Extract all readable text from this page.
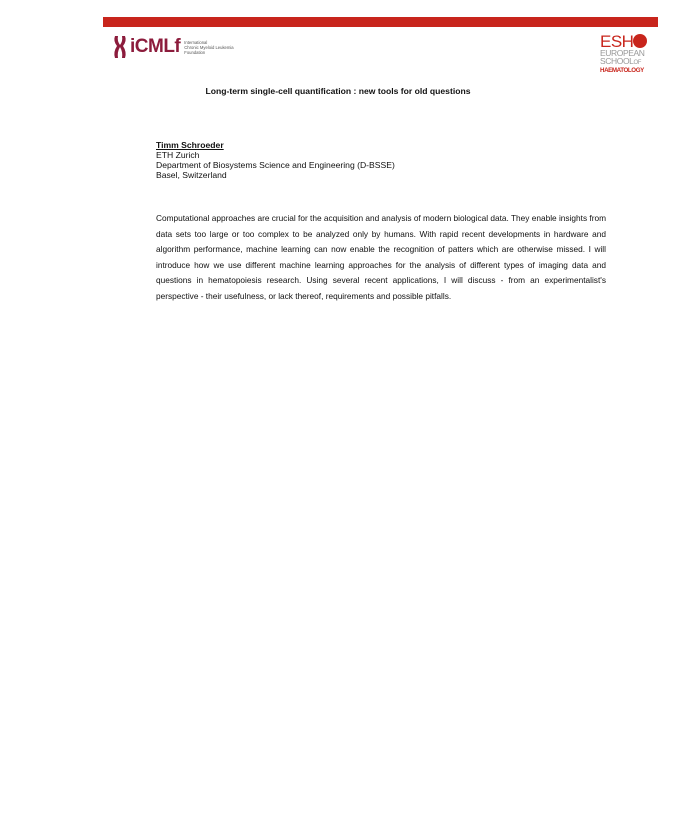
iCMLf International
Chronic Myeloid Leukemia
Foundation
ESH
EUROPEAN
SCHOOLOF
HAEMATOLOGY
Long-term single-cell quantification : new tools for old questions
Timm Schroeder
ETH Zurich
Department of Biosystems Science and Engineering (D-BSSE)
Basel, Switzerland
Computational approaches are crucial for the acquisition and analysis of modern biological data. They enable insights from data sets too large or too complex to be analyzed only by humans. With rapid recent developments in hardware and algorithm performance, machine learning can now enable the recognition of patters which are otherwise missed. I will introduce how we use different machine learning approaches for the analysis of different types of imaging data and questions in hematopoiesis research. Using several recent applications, I will discuss - from an experimentalist's perspective - their usefulness, or lack thereof, requirements and possible pitfalls.
